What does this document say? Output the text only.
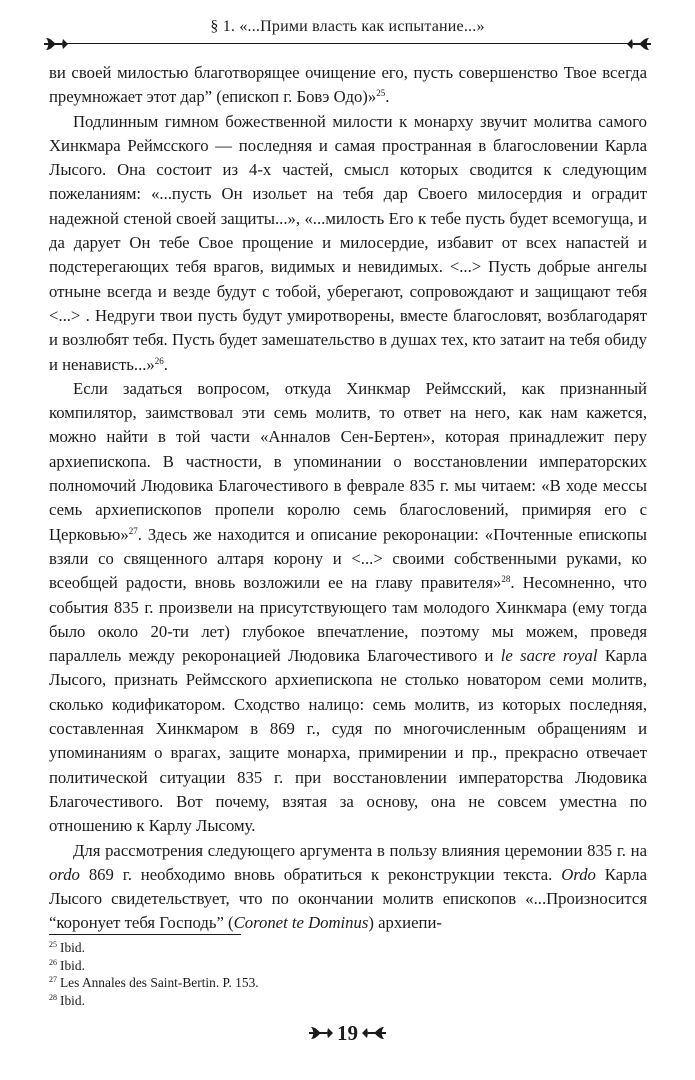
§ 1. «...Прими власть как испытание...»

ви своей милостью благотворящее очищение его, пусть совершенство Твое всегда преумножает этот дар” (епископ г. Бовэ Одо)»$^{25}$.

Подлинным гимном божественной милости к монарху звучит молитва самого Хинкмара Реймсского — последняя и самая пространная в благословении Карла Лысого. Она состоит из 4-х частей, смысл которых сводится к следующим пожеланиям: «...пусть Он изольет на тебя дар Своего милосердия и оградит надежной стеной своей защиты...», «...милость Его к тебе пусть будет всемогуща, и да дарует Он тебе Свое прощение и милосердие, избавит от всех напастей и подстерегающих тебя врагов, видимых и невидимых. <...> Пусть добрые ангелы отныне всегда и везде будут с тобой, уберегают, сопровождают и защищают тебя <...> . Недруги твои пусть будут умиротворены, вместе благословят, возблагодарят и возлюбят тебя. Пусть будет замешательство в душах тех, кто затаит на тебя обиду и ненависть...»$^{26}$.

Если задаться вопросом, откуда Хинкмар Реймсский, как признанный компилятор, заимствовал эти семь молитв, то ответ на него, как нам кажется, можно найти в той части «Анналов Сен-Бертен», которая принадлежит перу архиепископа. В частности, в упоминании о восстановлении императорских полномочий Людовика Благочестивого в феврале 835 г. мы читаем: «В ходе мессы семь архиепископов пропели королю семь благословений, примиряя его с Церковью»$^{27}$. Здесь же находится и описание рекоронации: «Почтенные епископы взяли со священного алтаря корону и <...> своими собственными руками, ко всеобщей радости, вновь возложили ее на главу правителя»$^{28}$. Несомненно, что события 835 г. произвели на присутствующего там молодого Хинкмара (ему тогда было около 20-ти лет) глубокое впечатление, поэтому мы можем, проведя параллель между рекоронацией Людовика Благочестивого и le sacre royal Карла Лысого, признать Реймсского архиепископа не столько новатором семи молитв, сколько кодификатором. Сходство налицо: семь молитв, из которых последняя, составленная Хинкмаром в 869 г., судя по многочисленным обращениям и упоминаниям о врагах, защите монарха, примирении и пр., прекрасно отвечает политической ситуации 835 г. при восстановлении императорства Людовика Благочестивого. Вот почему, взятая за основу, она не совсем уместна по отношению к Карлу Лысому.

Для рассмотрения следующего аргумента в пользу влияния церемонии 835 г. на ordo 869 г. необходимо вновь обратиться к реконструкции текста. Ordo Карла Лысого свидетельствует, что по окончании молитв епископов «...Произносится “коронует тебя Господь” (Coronet te Dominus) архиепи-

$^{25}$ Ibid.

$^{26}$ Ibid.

$^{27}$ Les Annales des Saint-Bertin. P. 153.

$^{28}$ Ibid.

19
